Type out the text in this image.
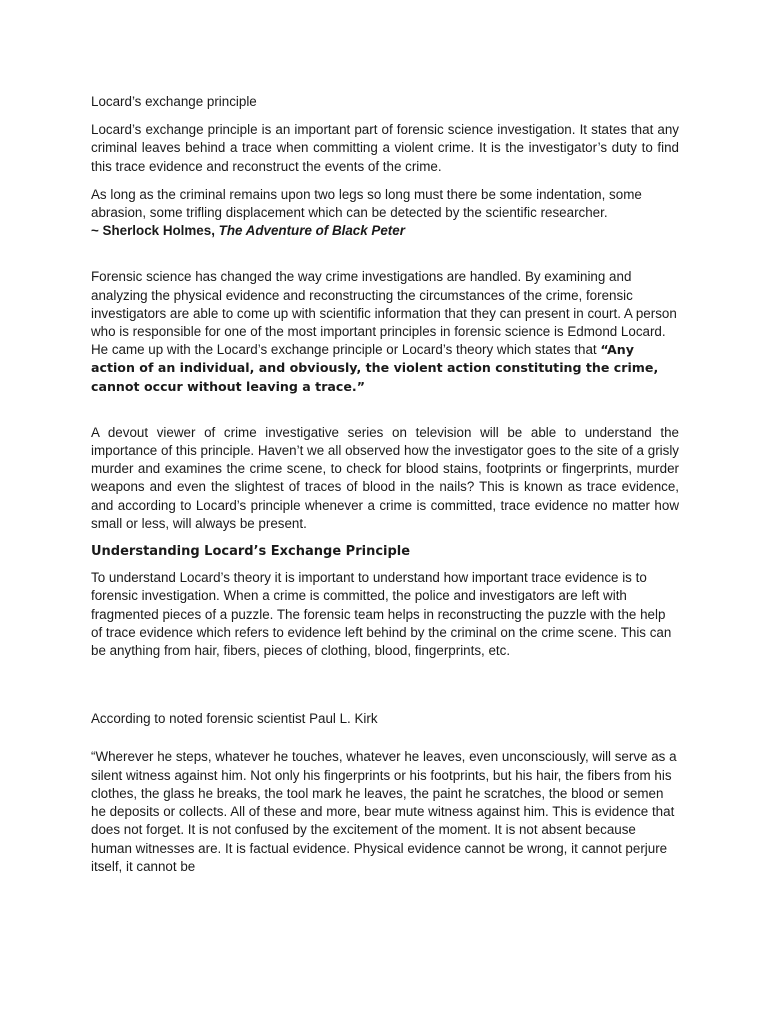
Locard’s exchange principle

Locard’s exchange principle is an important part of forensic science investigation. It states that any criminal leaves behind a trace when committing a violent crime. It is the investigator’s duty to find this trace evidence and reconstruct the events of the crime.

As long as the criminal remains upon two legs so long must there be some indentation, some abrasion, some trifling displacement which can be detected by the scientific researcher.

~ Sherlock Holmes, The Adventure of Black Peter

Forensic science has changed the way crime investigations are handled. By examining and analyzing the physical evidence and reconstructing the circumstances of the crime, forensic investigators are able to come up with scientific information that they can present in court. A person who is responsible for one of the most important principles in forensic science is Edmond Locard. He came up with the Locard’s exchange principle or Locard’s theory which states that “Any action of an individual, and obviously, the violent action constituting the crime, cannot occur without leaving a trace.”

A devout viewer of crime investigative series on television will be able to understand the importance of this principle. Haven’t we all observed how the investigator goes to the site of a grisly murder and examines the crime scene, to check for blood stains, footprints or fingerprints, murder weapons and even the slightest of traces of blood in the nails? This is known as trace evidence, and according to Locard’s principle whenever a crime is committed, trace evidence no matter how small or less, will always be present.

Understanding Locard’s Exchange Principle

To understand Locard’s theory it is important to understand how important trace evidence is to forensic investigation. When a crime is committed, the police and investigators are left with fragmented pieces of a puzzle. The forensic team helps in reconstructing the puzzle with the help of trace evidence which refers to evidence left behind by the criminal on the crime scene. This can be anything from hair, fibers, pieces of clothing, blood, fingerprints, etc.

According to noted forensic scientist Paul L. Kirk

“Wherever he steps, whatever he touches, whatever he leaves, even unconsciously, will serve as a silent witness against him. Not only his fingerprints or his footprints, but his hair, the fibers from his clothes, the glass he breaks, the tool mark he leaves, the paint he scratches, the blood or semen he deposits or collects. All of these and more, bear mute witness against him. This is evidence that does not forget. It is not confused by the excitement of the moment. It is not absent because human witnesses are. It is factual evidence. Physical evidence cannot be wrong, it cannot perjure itself, it cannot be
